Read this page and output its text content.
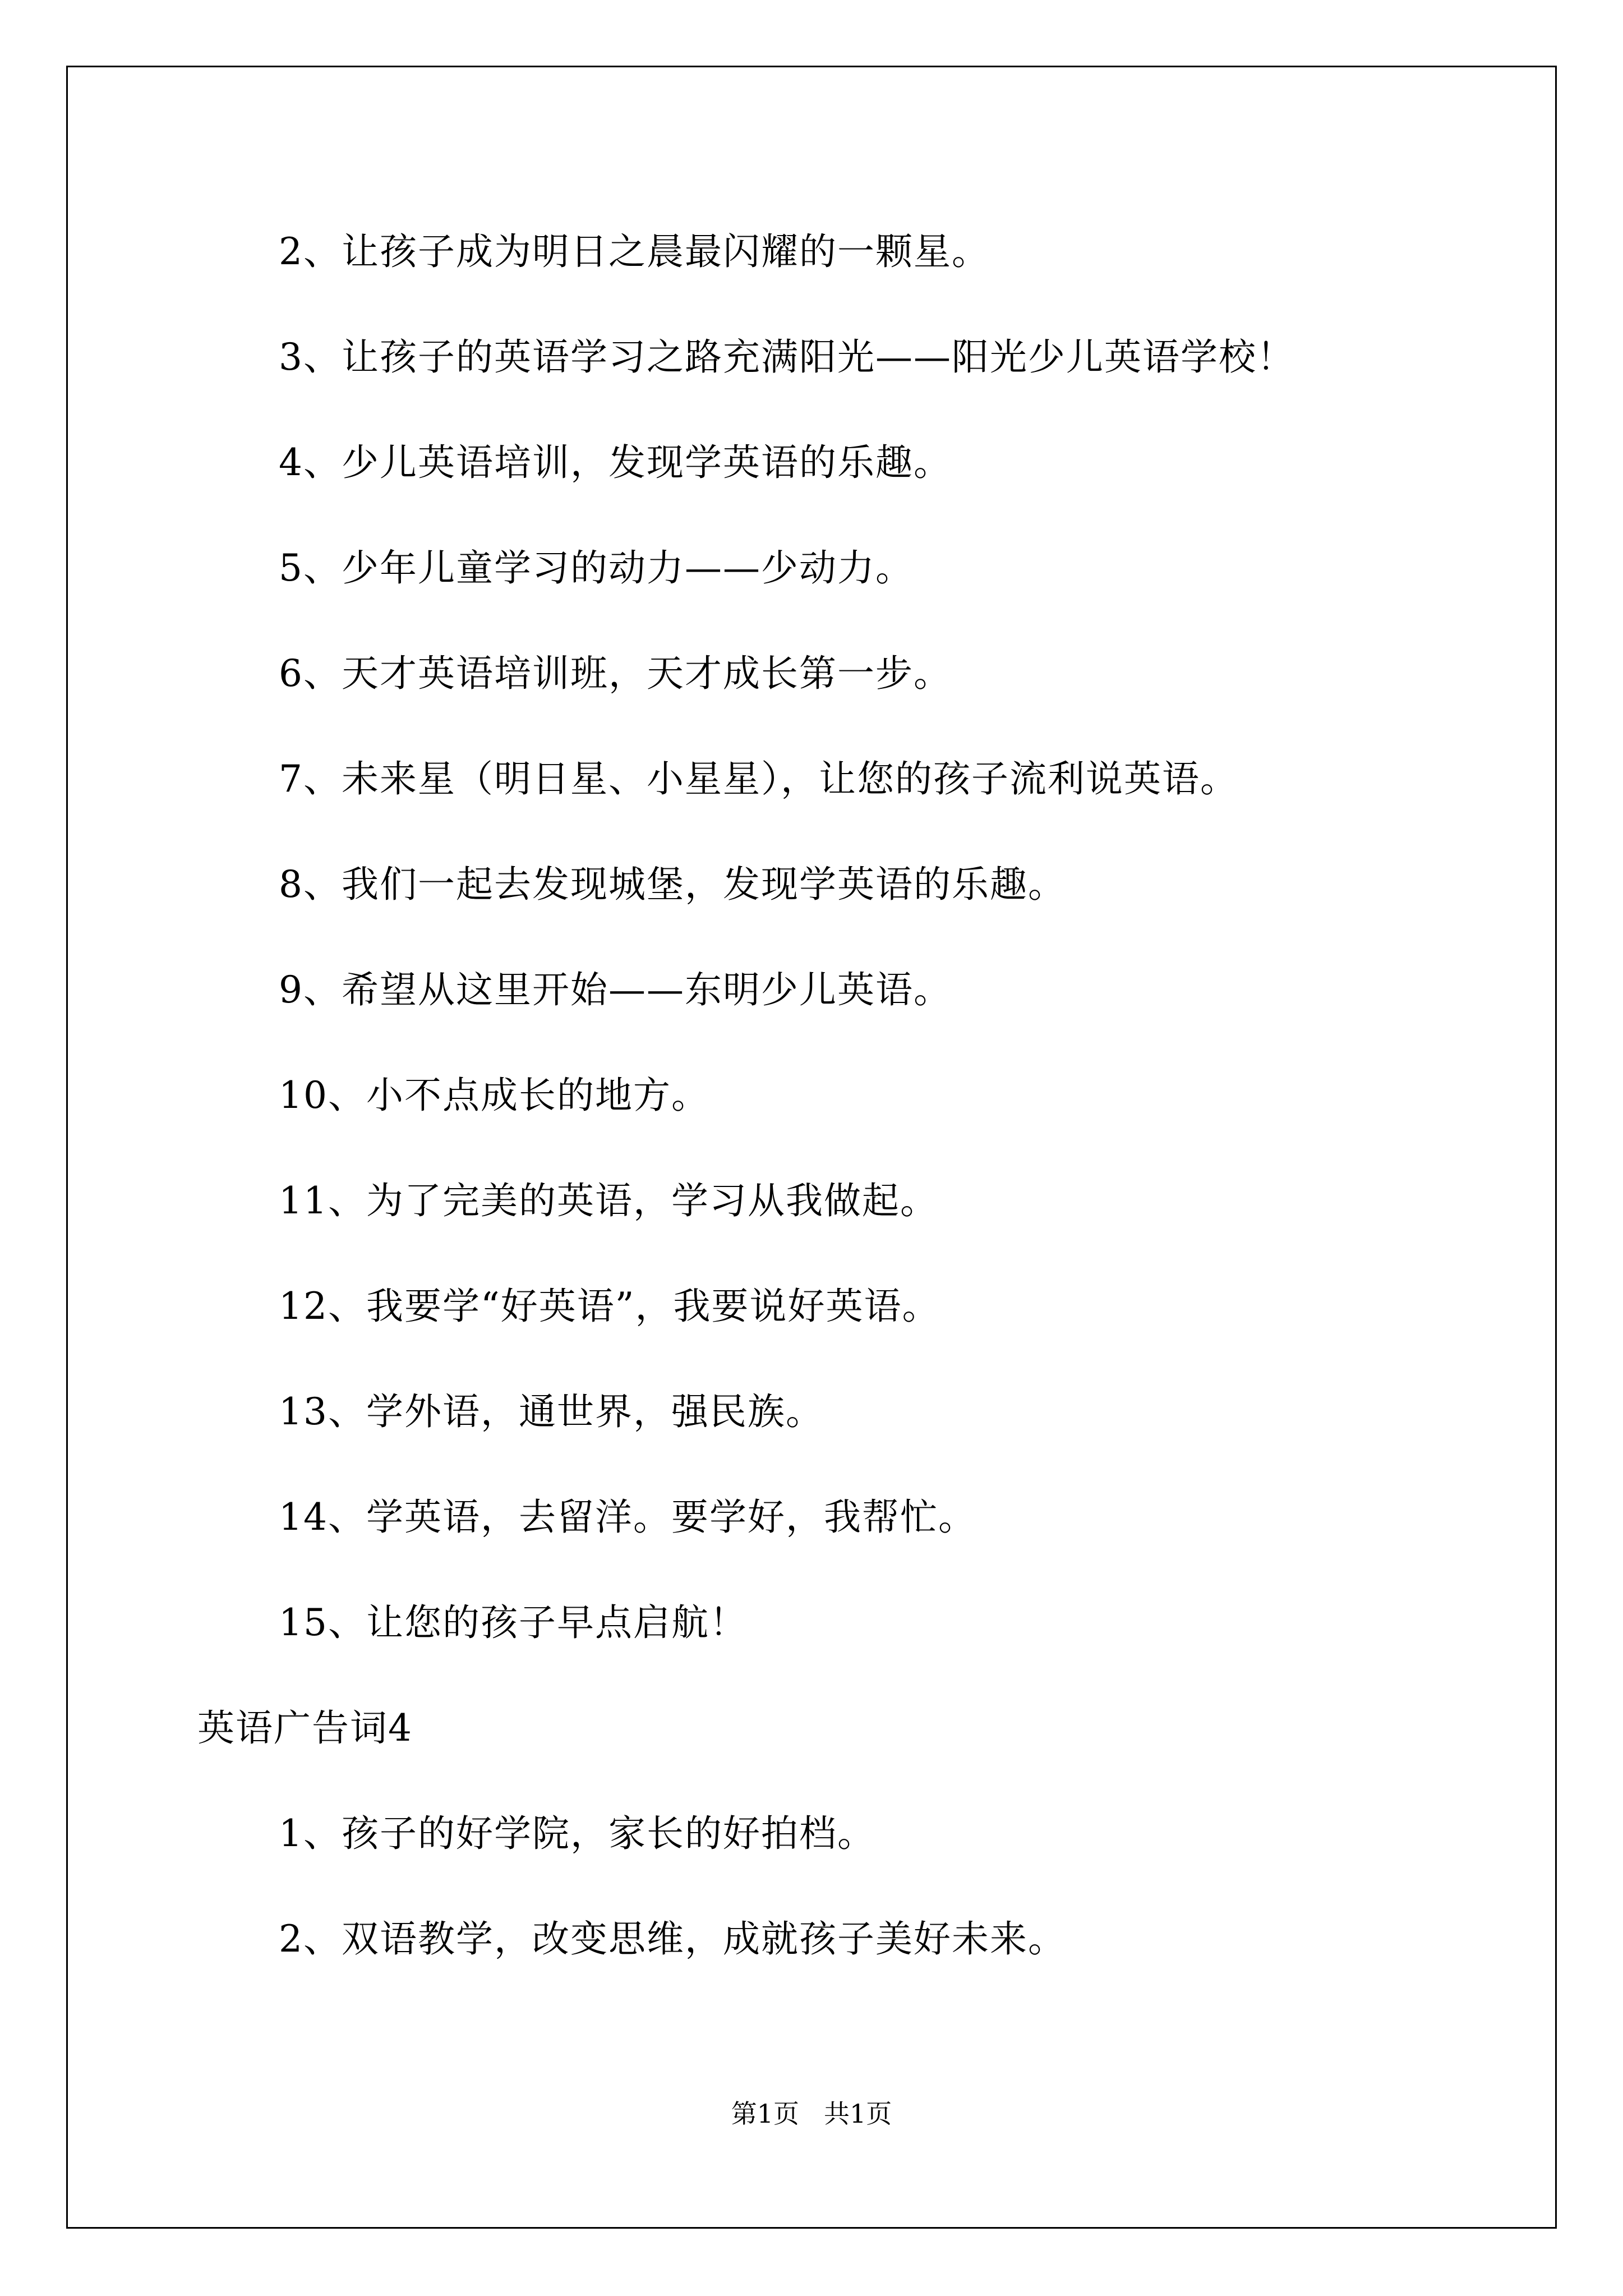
2、让孩子成为明日之晨最闪耀的一颗星。
3、让孩子的英语学习之路充满阳光——阳光少儿英语学校！
4、少儿英语培训，发现学英语的乐趣。
5、少年儿童学习的动力——少动力。
6、天才英语培训班，天才成长第一步。
7、未来星（明日星、小星星），让您的孩子流利说英语。
8、我们一起去发现城堡，发现学英语的乐趣。
9、希望从这里开始——东明少儿英语。
10、小不点成长的地方。
11、为了完美的英语，学习从我做起。
12、我要学“好英语”，我要说好英语。
13、学外语，通世界，强民族。
14、学英语，去留洋。要学好，我帮忙。
15、让您的孩子早点启航！
英语广告词4
1、孩子的好学院，家长的好拍档。
2、双语教学，改变思维，成就孩子美好未来。
第1页 共1页
